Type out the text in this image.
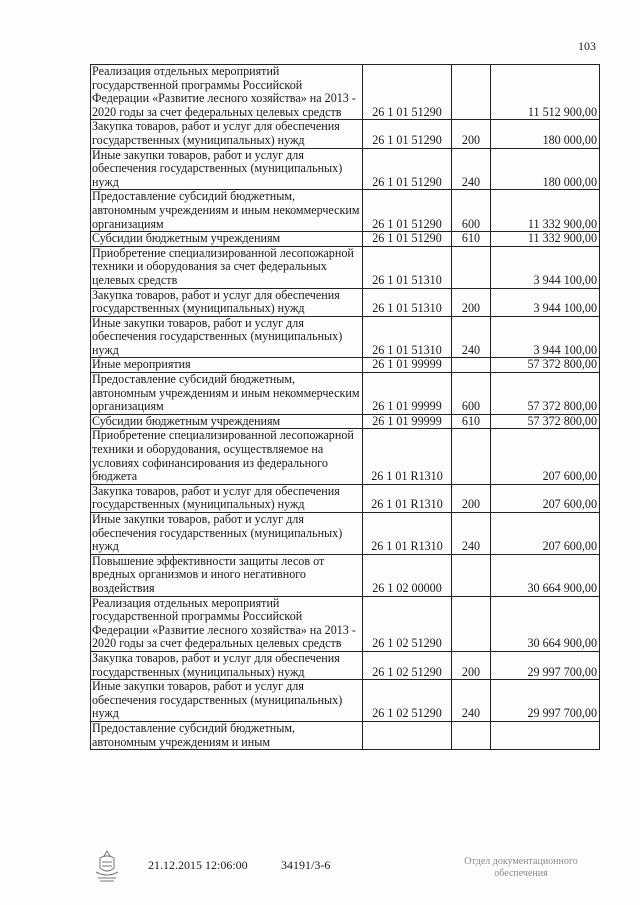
103
Реализация отдельных мероприятий государственной программы Российской Федерации «Развитие лесного хозяйства» на 2013 - 2020 годы за счет федеральных целевых средств	26 1 01 51290		11 512 900,00
Закупка товаров, работ и услуг для обеспечения государственных (муниципальных) нужд	26 1 01 51290	200	180 000,00
Иные закупки товаров, работ и услуг для обеспечения государственных (муниципальных) нужд	26 1 01 51290	240	180 000,00
Предоставление субсидий бюджетным, автономным учреждениям и иным некоммерческим организациям	26 1 01 51290	600	11 332 900,00
Субсидии бюджетным учреждениям	26 1 01 51290	610	11 332 900,00
Приобретение специализированной лесопожарной техники и оборудования за счет федеральных целевых средств	26 1 01 51310		3 944 100,00
Закупка товаров, работ и услуг для обеспечения государственных (муниципальных) нужд	26 1 01 51310	200	3 944 100,00
Иные закупки товаров, работ и услуг для обеспечения государственных (муниципальных) нужд	26 1 01 51310	240	3 944 100,00
Иные мероприятия	26 1 01 99999		57 372 800,00
Предоставление субсидий бюджетным, автономным учреждениям и иным некоммерческим организациям	26 1 01 99999	600	57 372 800,00
Субсидии бюджетным учреждениям	26 1 01 99999	610	57 372 800,00
Приобретение специализированной лесопожарной техники и оборудования, осуществляемое на условиях софинансирования из федерального бюджета	26 1 01 R1310		207 600,00
Закупка товаров, работ и услуг для обеспечения государственных (муниципальных) нужд	26 1 01 R1310	200	207 600,00
Иные закупки товаров, работ и услуг для обеспечения государственных (муниципальных) нужд	26 1 01 R1310	240	207 600,00
Повышение эффективности защиты лесов от вредных организмов и иного негативного воздействия	26 1 02 00000		30 664 900,00
Реализация отдельных мероприятий государственной программы Российской Федерации «Развитие лесного хозяйства» на 2013 - 2020 годы за счет федеральных целевых средств	26 1 02 51290		30 664 900,00
Закупка товаров, работ и услуг для обеспечения государственных (муниципальных) нужд	26 1 02 51290	200	29 997 700,00
Иные закупки товаров, работ и услуг для обеспечения государственных (муниципальных) нужд	26 1 02 51290	240	29 997 700,00
Предоставление субсидий бюджетным, автономным учреждениям и иным			
21.12.2015 12:06:00	34191/3-6	Отдел документационного
обеспечения
